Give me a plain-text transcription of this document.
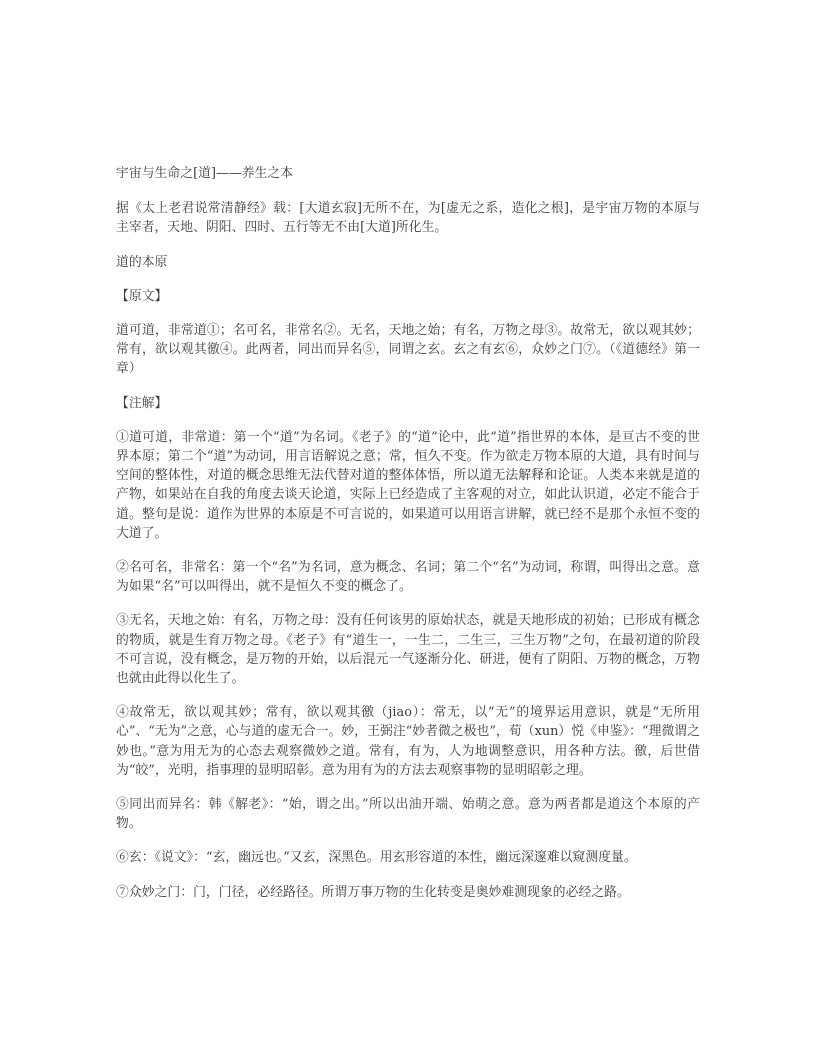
宇宙与生命之[道]——养生之本

据《太上老君说常清静经》载：[大道玄寂]无所不在，为[虚无之系，造化之根]，是宇宙万物的本原与主宰者，天地、阴阳、四时、五行等无不由[大道]所化生。

道的本原

【原文】

道可道，非常道①；名可名，非常名②。无名，天地之始；有名，万物之母③。故常无，欲以观其妙；常有，欲以观其徼④。此两者，同出而异名⑤，同谓之玄。玄之有玄⑥，众妙之门⑦。（《道德经》第一章）

【注解】

①道可道，非常道：第一个“道”为名词。《老子》的“道”论中，此“道”指世界的本体，是亘古不变的世界本原；第二个“道”为动词，用言语解说之意；常，恒久不变。作为欲走万物本原的大道，具有时间与空间的整体性，对道的概念思维无法代替对道的整体体悟，所以道无法解释和论证。人类本来就是道的产物，如果站在自我的角度去谈天论道，实际上已经造成了主客观的对立，如此认识道，必定不能合于道。整句是说：道作为世界的本原是不可言说的，如果道可以用语言讲解，就已经不是那个永恒不变的大道了。

②名可名，非常名：第一个“名”为名词，意为概念、名词；第二个“名”为动词，称谓，叫得出之意。意为如果“名”可以叫得出，就不是恒久不变的概念了。

③无名，天地之始：有名，万物之母：没有任何该男的原始状态，就是天地形成的初始；已形成有概念的物质，就是生育万物之母。《老子》有“道生一，一生二，二生三，三生万物”之句，在最初道的阶段不可言说，没有概念，是万物的开始，以后混元一气逐渐分化、研进，便有了阴阳、万物的概念，万物也就由此得以化生了。

④故常无，欲以观其妙；常有，欲以观其徼（jiao）：常无，以“无”的境界运用意识，就是“无所用心”、“无为”之意，心与道的虚无合一。妙，王弼注“妙者微之极也”，荀（xun）悦《申鉴》：“理微谓之妙也。”意为用无为的心态去观察微妙之道。常有，有为，人为地调整意识，用各种方法。徼，后世借为“皎”，光明，指事理的显明昭彰。意为用有为的方法去观察事物的显明昭彰之理。

⑤同出而异名：韩《解老》：“始，谓之出。”所以出油开端、始萌之意。意为两者都是道这个本原的产物。

⑥玄：《说文》：“玄，幽远也。”又玄，深黑色。用玄形容道的本性，幽远深邃难以窥测度量。

⑦众妙之门：门，门径，必经路径。所谓万事万物的生化转变是奥妙难测现象的必经之路。
